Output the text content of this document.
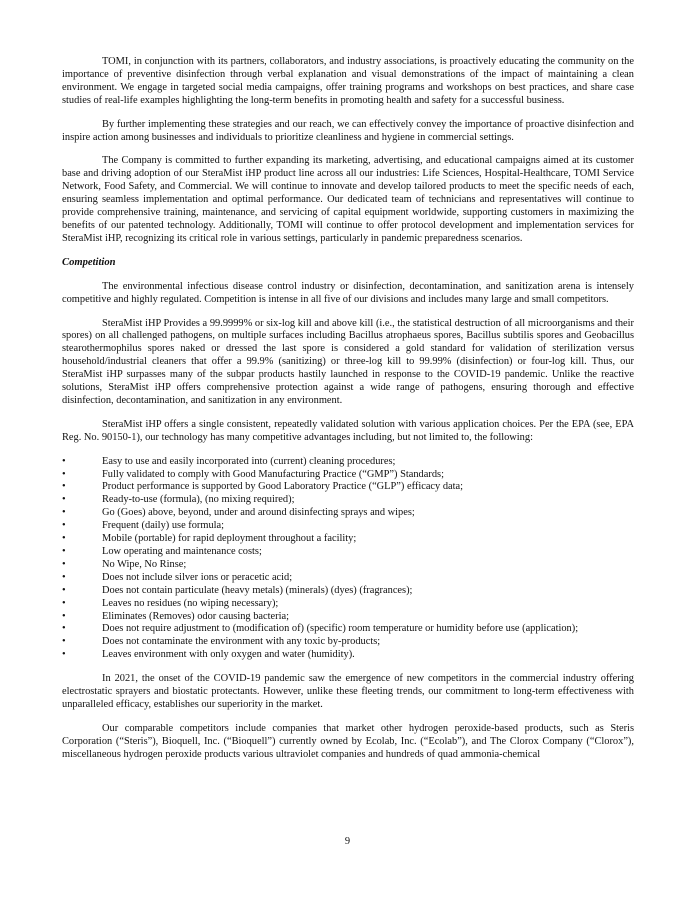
TOMI, in conjunction with its partners, collaborators, and industry associations, is proactively educating the community on the importance of preventive disinfection through verbal explanation and visual demonstrations of the impact of maintaining a clean environment. We engage in targeted social media campaigns, offer training programs and workshops on best practices, and share case studies of real-life examples highlighting the long-term benefits in promoting health and safety for a successful business.

By further implementing these strategies and our reach, we can effectively convey the importance of proactive disinfection and inspire action among businesses and individuals to prioritize cleanliness and hygiene in commercial settings.

The Company is committed to further expanding its marketing, advertising, and educational campaigns aimed at its customer base and driving adoption of our SteraMist iHP product line across all our industries: Life Sciences, Hospital-Healthcare, TOMI Service Network, Food Safety, and Commercial. We will continue to innovate and develop tailored products to meet the specific needs of each, ensuring seamless implementation and optimal performance. Our dedicated team of technicians and representatives will continue to provide comprehensive training, maintenance, and servicing of capital equipment worldwide, supporting customers in maximizing the benefits of our patented technology. Additionally, TOMI will continue to offer protocol development and implementation services for SteraMist iHP, recognizing its critical role in various settings, particularly in pandemic preparedness scenarios.

Competition

The environmental infectious disease control industry or disinfection, decontamination, and sanitization arena is intensely competitive and highly regulated. Competition is intense in all five of our divisions and includes many large and small competitors.

SteraMist iHP Provides a 99.9999% or six-log kill and above kill (i.e., the statistical destruction of all microorganisms and their spores) on all challenged pathogens, on multiple surfaces including Bacillus atrophaeus spores, Bacillus subtilis spores and Geobacillus stearothermophilus spores naked or dressed the last spore is considered a gold standard for validation of sterilization versus household/industrial cleaners that offer a 99.9% (sanitizing) or three-log kill to 99.99% (disinfection) or four-log kill. Thus, our SteraMist iHP surpasses many of the subpar products hastily launched in response to the COVID-19 pandemic. Unlike the reactive solutions, SteraMist iHP offers comprehensive protection against a wide range of pathogens, ensuring thorough and effective disinfection, decontamination, and sanitization in any environment.

SteraMist iHP offers a single consistent, repeatedly validated solution with various application choices. Per the EPA (see, EPA Reg. No. 90150-1), our technology has many competitive advantages including, but not limited to, the following:

•	Easy to use and easily incorporated into (current) cleaning procedures;
•	Fully validated to comply with Good Manufacturing Practice (“GMP”) Standards;
•	Product performance is supported by Good Laboratory Practice (“GLP”) efficacy data;
•	Ready-to-use (formula), (no mixing required);
•	Go (Goes) above, beyond, under and around disinfecting sprays and wipes;
•	Frequent (daily) use formula;
•	Mobile (portable) for rapid deployment throughout a facility;
•	Low operating and maintenance costs;
•	No Wipe, No Rinse;
•	Does not include silver ions or peracetic acid;
•	Does not contain particulate (heavy metals) (minerals) (dyes) (fragrances);
•	Leaves no residues (no wiping necessary);
•	Eliminates (Removes) odor causing bacteria;
•	Does not require adjustment to (modification of) (specific) room temperature or humidity before use (application);
•	Does not contaminate the environment with any toxic by-products;
•	Leaves environment with only oxygen and water (humidity).

In 2021, the onset of the COVID-19 pandemic saw the emergence of new competitors in the commercial industry offering electrostatic sprayers and biostatic protectants. However, unlike these fleeting trends, our commitment to long-term effectiveness with unparalleled efficacy, establishes our superiority in the market.

Our comparable competitors include companies that market other hydrogen peroxide-based products, such as Steris Corporation (“Steris”), Bioquell, Inc. (“Bioquell”) currently owned by Ecolab, Inc. (“Ecolab”), and The Clorox Company (“Clorox”), miscellaneous hydrogen peroxide products various ultraviolet companies and hundreds of quad ammonia-chemical

9
